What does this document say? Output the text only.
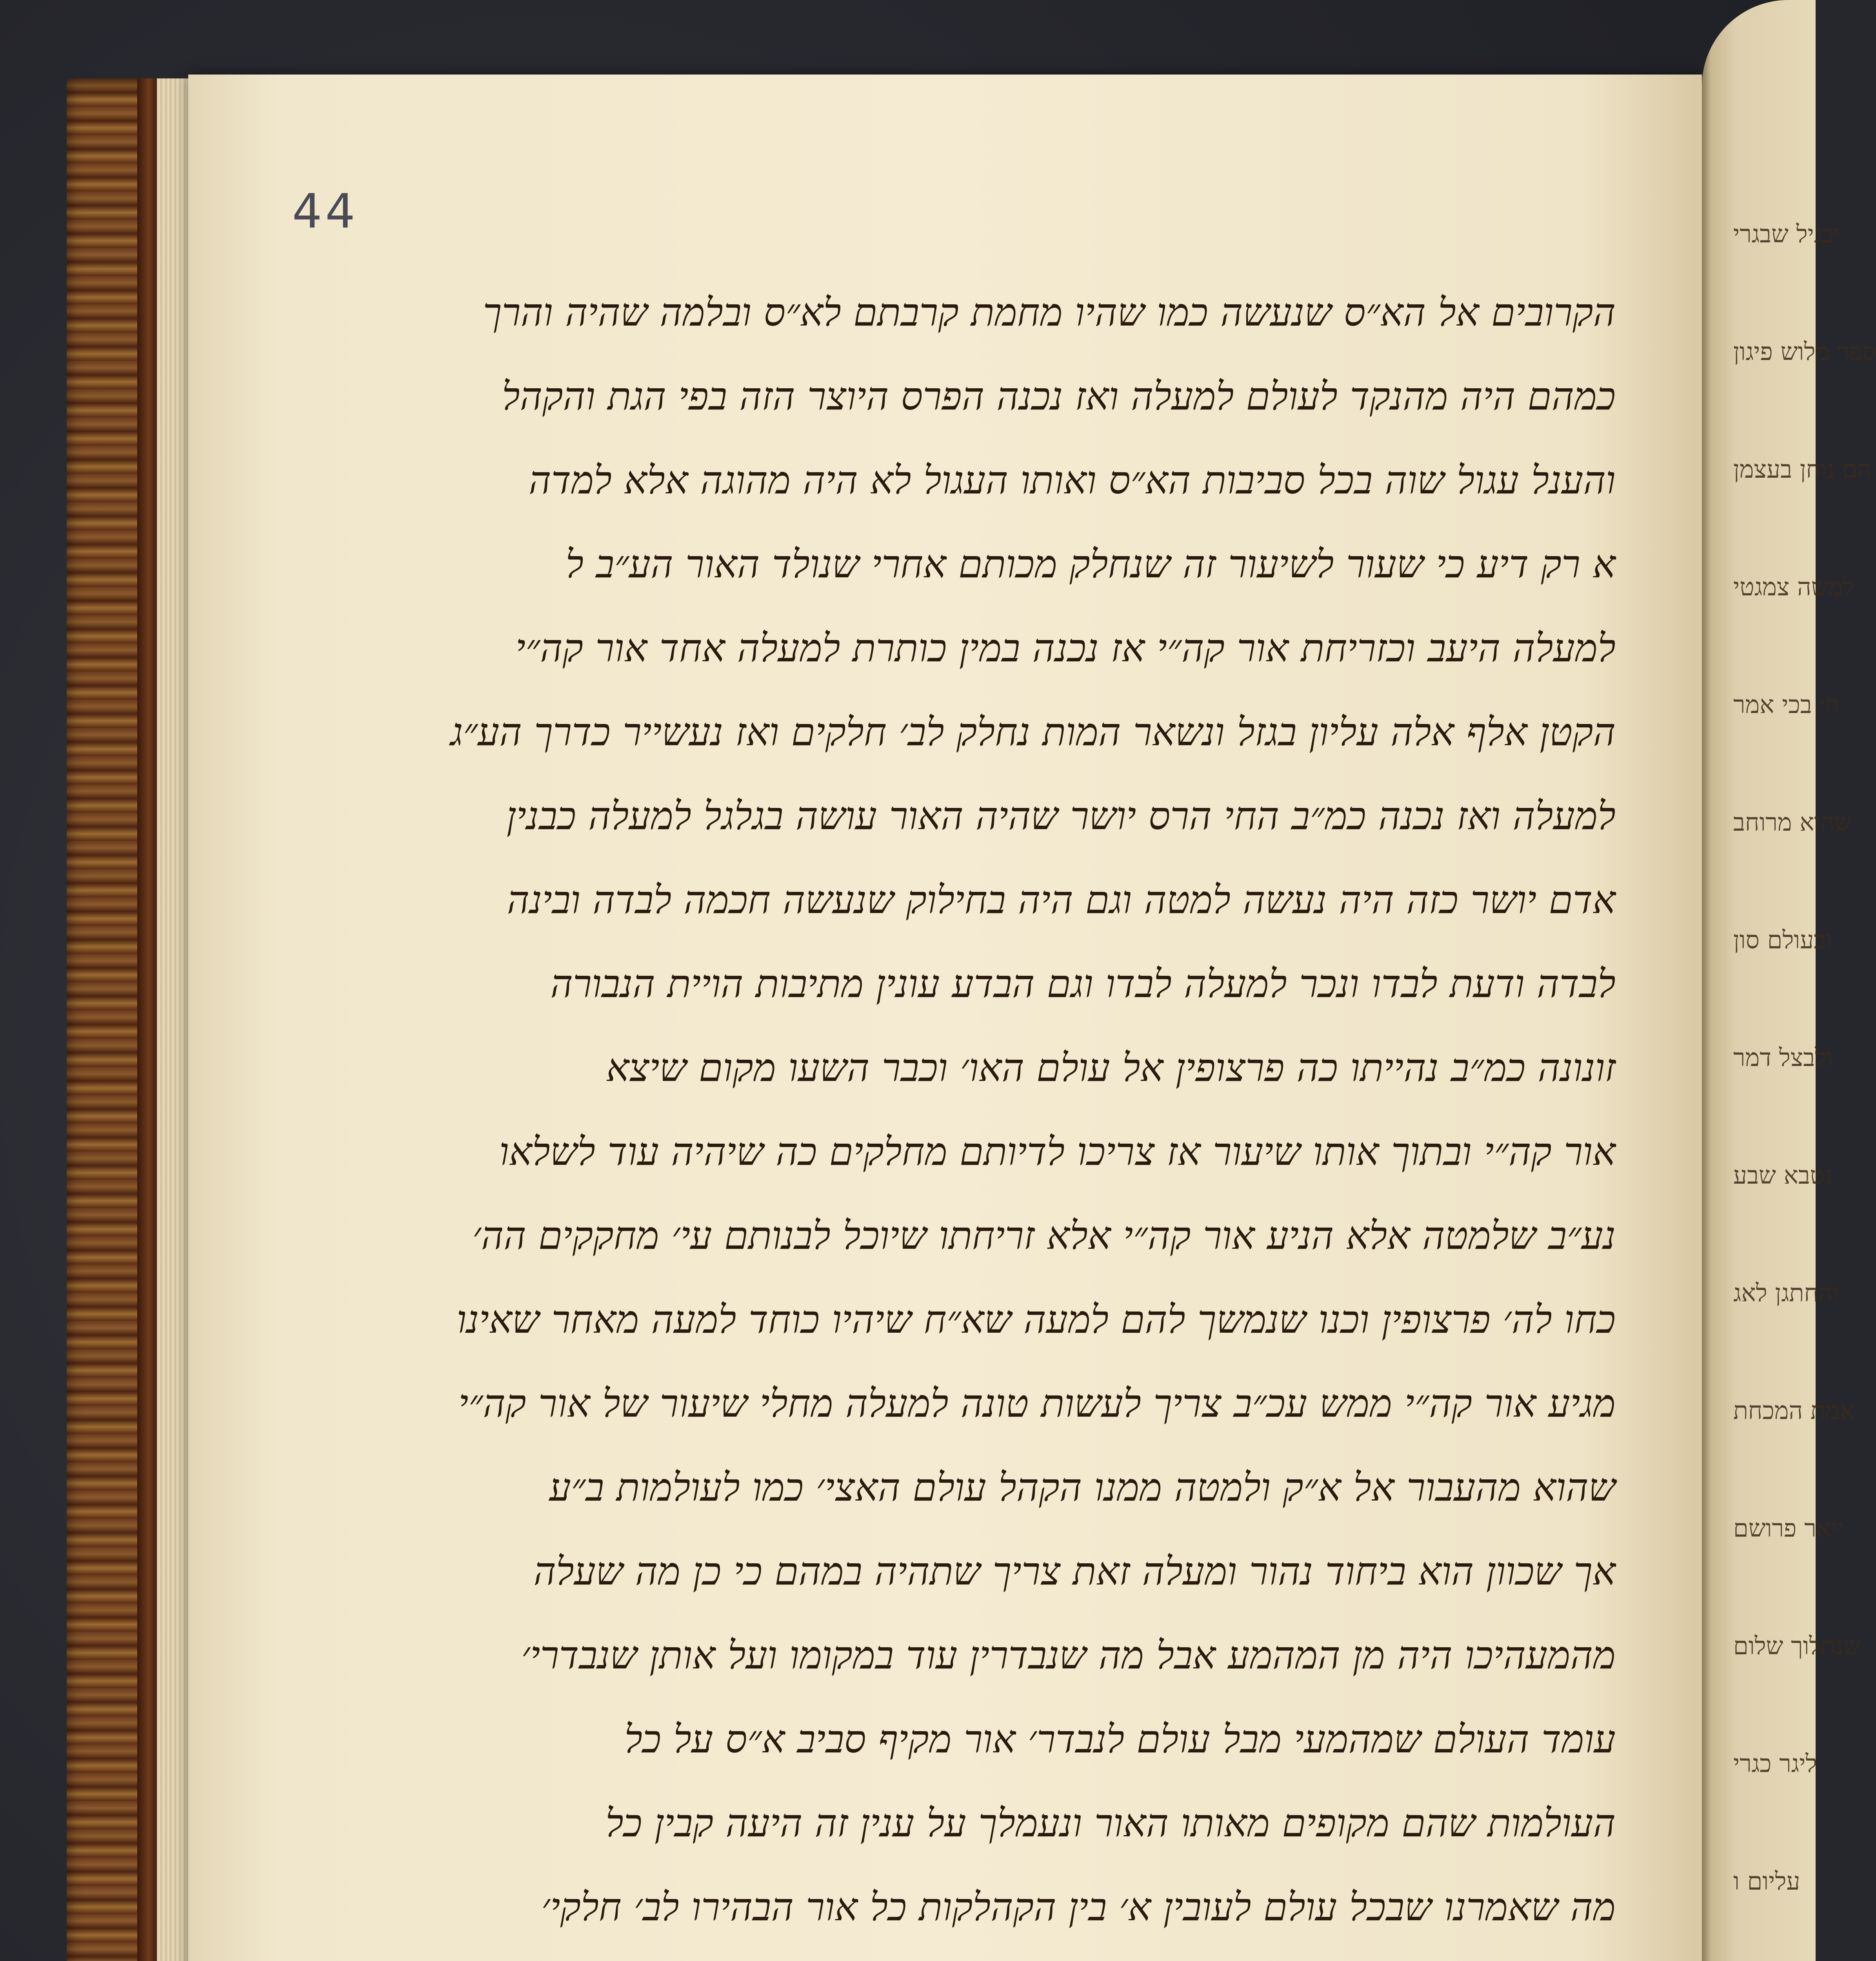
יבגיל שבגרי
ספר מלוש פיגון
הם נוחן בעצמן
למשה צמגטי
ה׳ בכי אמר
שהוא מרוחב
ובעולם סון
ולבצל דמר
נטבא שבע
והחתגן לאג
אמת המכחת
ייאר פרושם
שנתלוך שלום
ליגר כגרי
עליום ו
44
הקרובים אל הא״ס שנעשה כמו שהיו מחמת קרבתם לא״ס ובלמה שהיה והרך
כמהם היה מהנקד לעולם למעלה ואז נכנה הפרס היוצר הזה בפי הגת והקהל
והענל עגול שוה בכל סביבות הא״ס ואותו העגול לא היה מהוגה אלא למדה
א רק דיע כי שעור לשיעור זה שנחלק מכותם אחרי שנולד האור הע״ב ל
למעלה היעב וכזריחת אור קה״י אז נכנה במין כותרת למעלה אחד אור קה״י
הקטן אלף אלה עליון בגזל ונשאר המות נחלק לב׳ חלקים ואז נעשייר כדרך הע״ג
למעלה ואז נכנה כמ״ב החי הרס יושר שהיה האור עושה בגלגל למעלה כבנין
אדם יושר כזה היה נעשה למטה וגם היה בחילוק שנעשה חכמה לבדה ובינה
לבדה ודעת לבדו ונכר למעלה לבדו וגם הבדע עונין מתיבות הויית הנבורה
זונונה כמ״ב נהייתו כה פרצופין אל עולם האו׳ וכבר השעו מקום שיצא
אור קה״י ובתוך אותו שיעור אז צריכו לדיותם מחלקים כה שיהיה עוד לשלאו
נע״ב שלמטה אלא הניע אור קה״י אלא זריחתו שיוכל לבנותם עי׳ מחקקים הה׳
כחו לה׳ פרצופין וכנו שנמשך להם למעה שא״ח שיהיו כוחד למעה מאחר שאינו
מגיע אור קה״י ממש עכ״ב צריך לעשות טונה למעלה מחלי שיעור של אור קה״י
שהוא מהעבור אל א״ק ולמטה ממנו הקהל עולם האצי׳ כמו לעולמות ב״ע
אך שכוון הוא ביחוד נהור ומעלה זאת צריך שתהיה במהם כי כן מה שעלה
מהמעהיכו היה מן המהמע אבל מה שנבדרין עוד במקומו ועל אותן שנבדרי׳
עומד העולם שמהמעי מבל עולם לנבדר׳ אור מקיף סביב א״ס על כל
העולמות שהם מקופים מאותו האור ונעמלך על ענין זה היעה קבין כל
מה שאמרנו שבכל עולם לעובין א׳ בין הקהלקות כל אור הבהירו לב׳ חלקי׳
